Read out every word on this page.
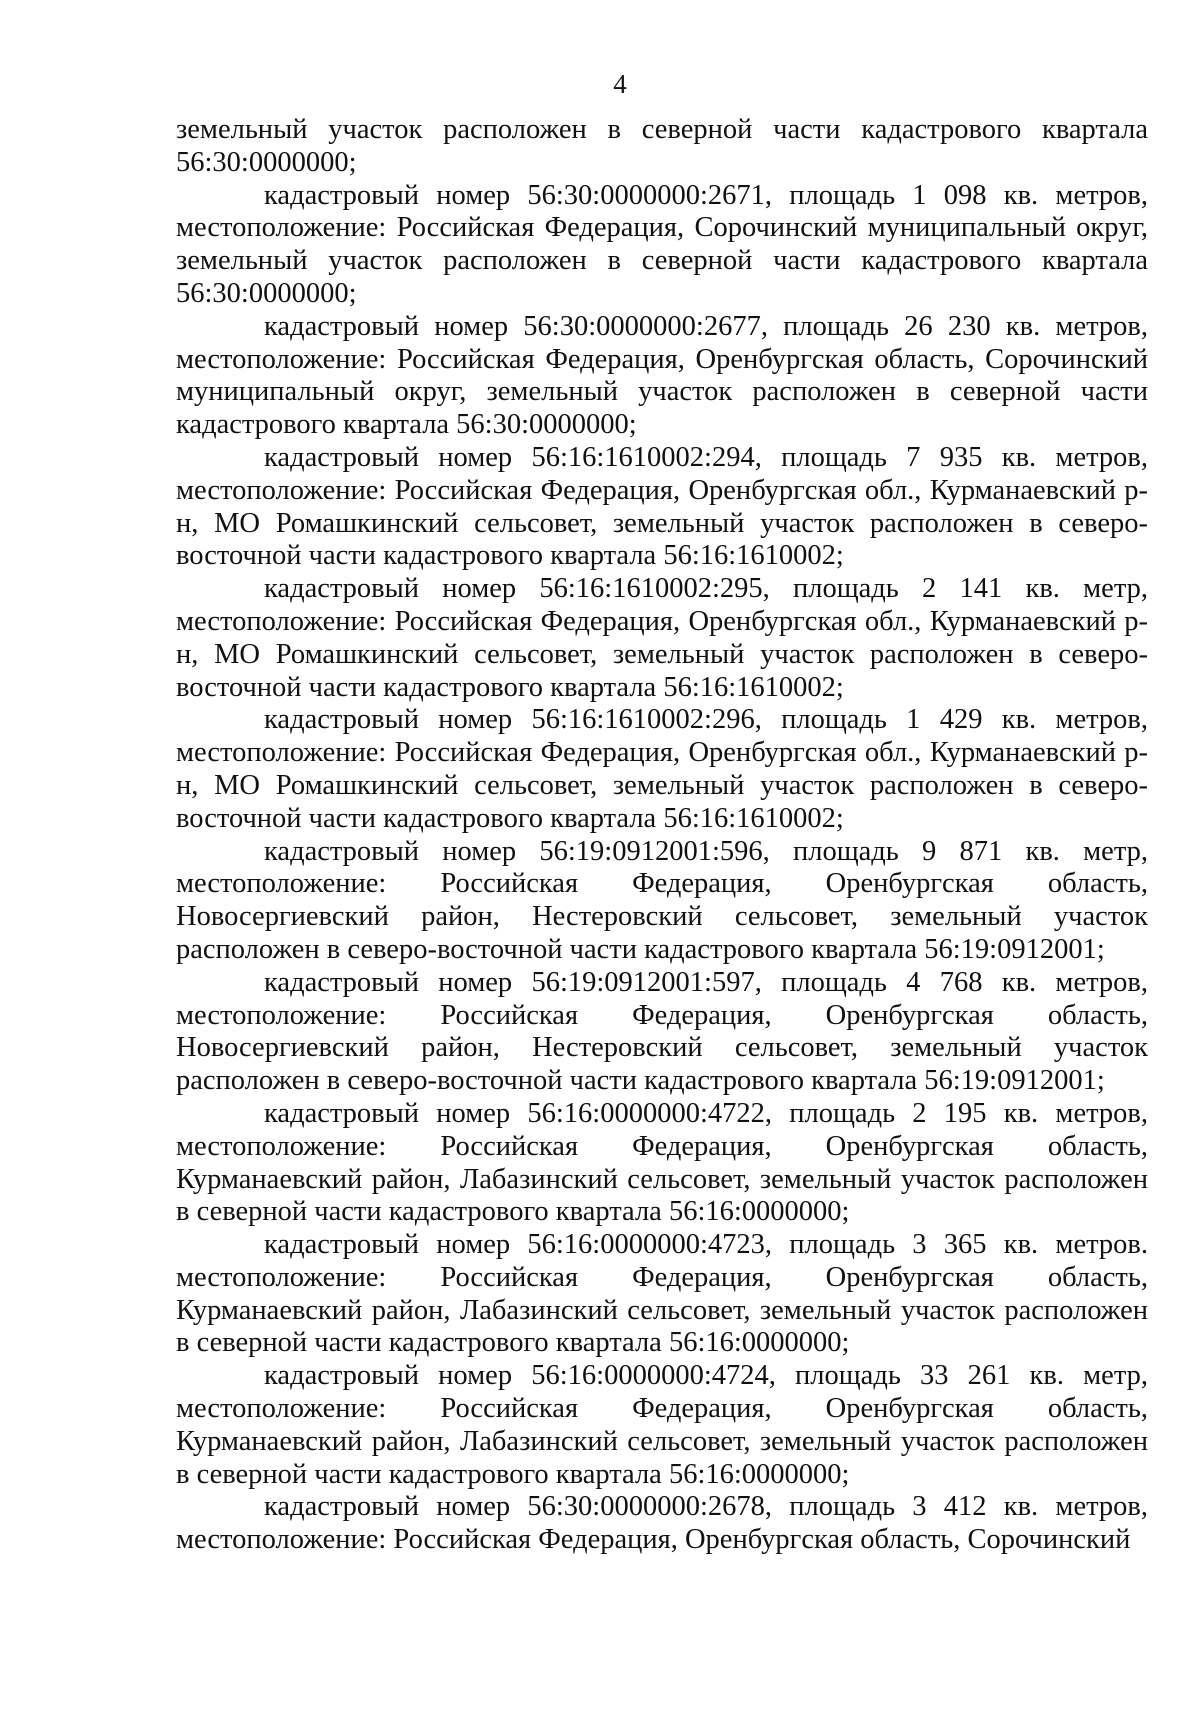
4

земельный участок расположен в северной части кадастрового квартала 56:30:0000000;

кадастровый номер 56:30:0000000:2671, площадь 1 098 кв. метров, местоположение: Российская Федерация, Сорочинский муниципальный округ, земельный участок расположен в северной части кадастрового квартала 56:30:0000000;

кадастровый номер 56:30:0000000:2677, площадь 26 230 кв. метров, местоположение: Российская Федерация, Оренбургская область, Сорочинский муниципальный округ, земельный участок расположен в северной части кадастрового квартала 56:30:0000000;

кадастровый номер 56:16:1610002:294, площадь 7 935 кв. метров, местоположение: Российская Федерация, Оренбургская обл., Курманаевский р-н, МО Ромашкинский сельсовет, земельный участок расположен в северо-восточной части кадастрового квартала 56:16:1610002;

кадастровый номер 56:16:1610002:295, площадь 2 141 кв. метр, местоположение: Российская Федерация, Оренбургская обл., Курманаевский р-н, МО Ромашкинский сельсовет, земельный участок расположен в северо-восточной части кадастрового квартала 56:16:1610002;

кадастровый номер 56:16:1610002:296, площадь 1 429 кв. метров, местоположение: Российская Федерация, Оренбургская обл., Курманаевский р-н, МО Ромашкинский сельсовет, земельный участок расположен в северо-восточной части кадастрового квартала 56:16:1610002;

кадастровый номер 56:19:0912001:596, площадь 9 871 кв. метр, местоположение: Российская Федерация, Оренбургская область, Новосергиевский район, Нестеровский сельсовет, земельный участок расположен в северо-восточной части кадастрового квартала 56:19:0912001;

кадастровый номер 56:19:0912001:597, площадь 4 768 кв. метров, местоположение: Российская Федерация, Оренбургская область, Новосергиевский район, Нестеровский сельсовет, земельный участок расположен в северо-восточной части кадастрового квартала 56:19:0912001;

кадастровый номер 56:16:0000000:4722, площадь 2 195 кв. метров, местоположение: Российская Федерация, Оренбургская область, Курманаевский район, Лабазинский сельсовет, земельный участок расположен в северной части кадастрового квартала 56:16:0000000;

кадастровый номер 56:16:0000000:4723, площадь 3 365 кв. метров. местоположение: Российская Федерация, Оренбургская область, Курманаевский район, Лабазинский сельсовет, земельный участок расположен в северной части кадастрового квартала 56:16:0000000;

кадастровый номер 56:16:0000000:4724, площадь 33 261 кв. метр, местоположение: Российская Федерация, Оренбургская область, Курманаевский район, Лабазинский сельсовет, земельный участок расположен в северной части кадастрового квартала 56:16:0000000;

кадастровый номер 56:30:0000000:2678, площадь 3 412 кв. метров, местоположение: Российская Федерация, Оренбургская область, Сорочинский
